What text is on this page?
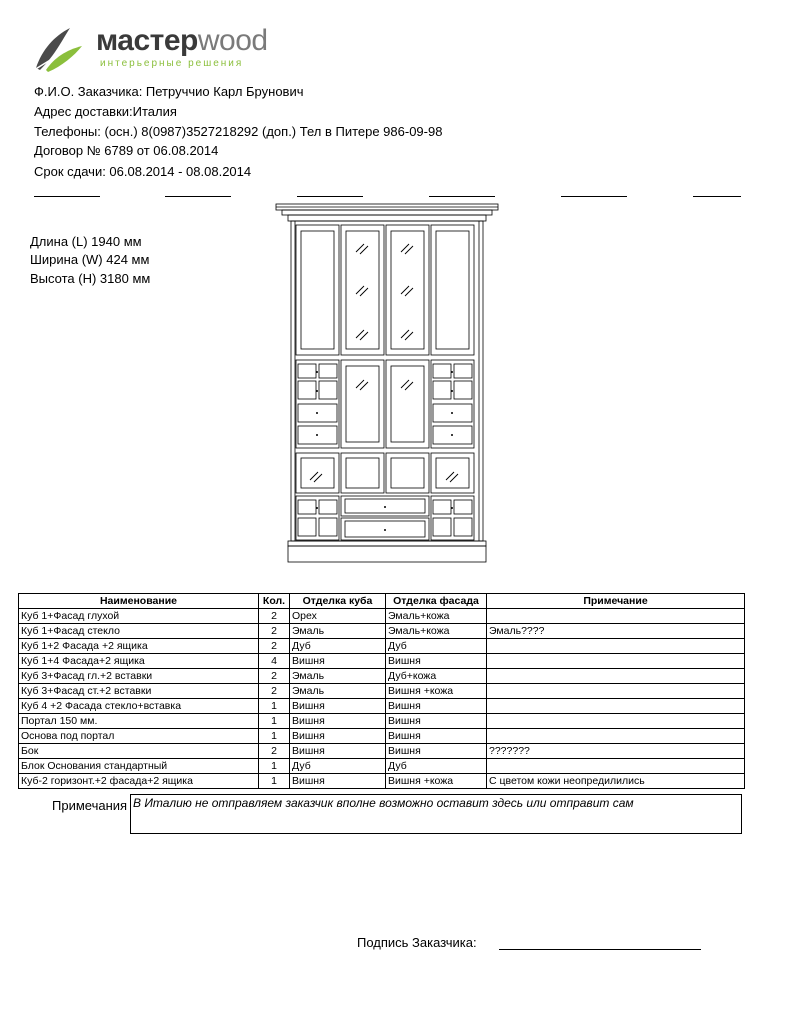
мастерwood
интерьерные решения
Ф.И.О. Заказчика: Петруччио Карл Брунович
Адрес доставки:Италия
Телефоны: (осн.) 8(0987)3527218292 (доп.) Тел в Питере 986-09-98
Договор № 6789 от 06.08.2014
Срок сдачи: 06.08.2014 - 08.08.2014
Длина (L) 1940 мм
Ширина (W) 424 мм
Высота (H) 3180 мм
Наименование	Кол.	Отделка куба	Отделка фасада	Примечание
Куб 1+Фасад глухой	2	Орех	Эмаль+кожа	
Куб 1+Фасад стекло	2	Эмаль	Эмаль+кожа	Эмаль????
Куб 1+2 Фасада +2 ящика	2	Дуб	Дуб	
Куб 1+4 Фасада+2 ящика	4	Вишня	Вишня	
Куб 3+Фасад гл.+2 вставки	2	Эмаль	Дуб+кожа	
Куб 3+Фасад ст.+2 вставки	2	Эмаль	Вишня +кожа	
Куб 4 +2 Фасада стекло+вставка	1	Вишня	Вишня	
Портал 150 мм.	1	Вишня	Вишня	
Основа под портал	1	Вишня	Вишня	
Бок	2	Вишня	Вишня	???????
Блок Основания стандартный	1	Дуб	Дуб	
Куб-2 горизонт.+2 фасада+2 ящика	1	Вишня	Вишня +кожа	С цветом кожи неопредилились
Примечания В Италию не отправляем заказчик вполне возможно оставит здесь или отправит сам
Подпись Заказчика:
